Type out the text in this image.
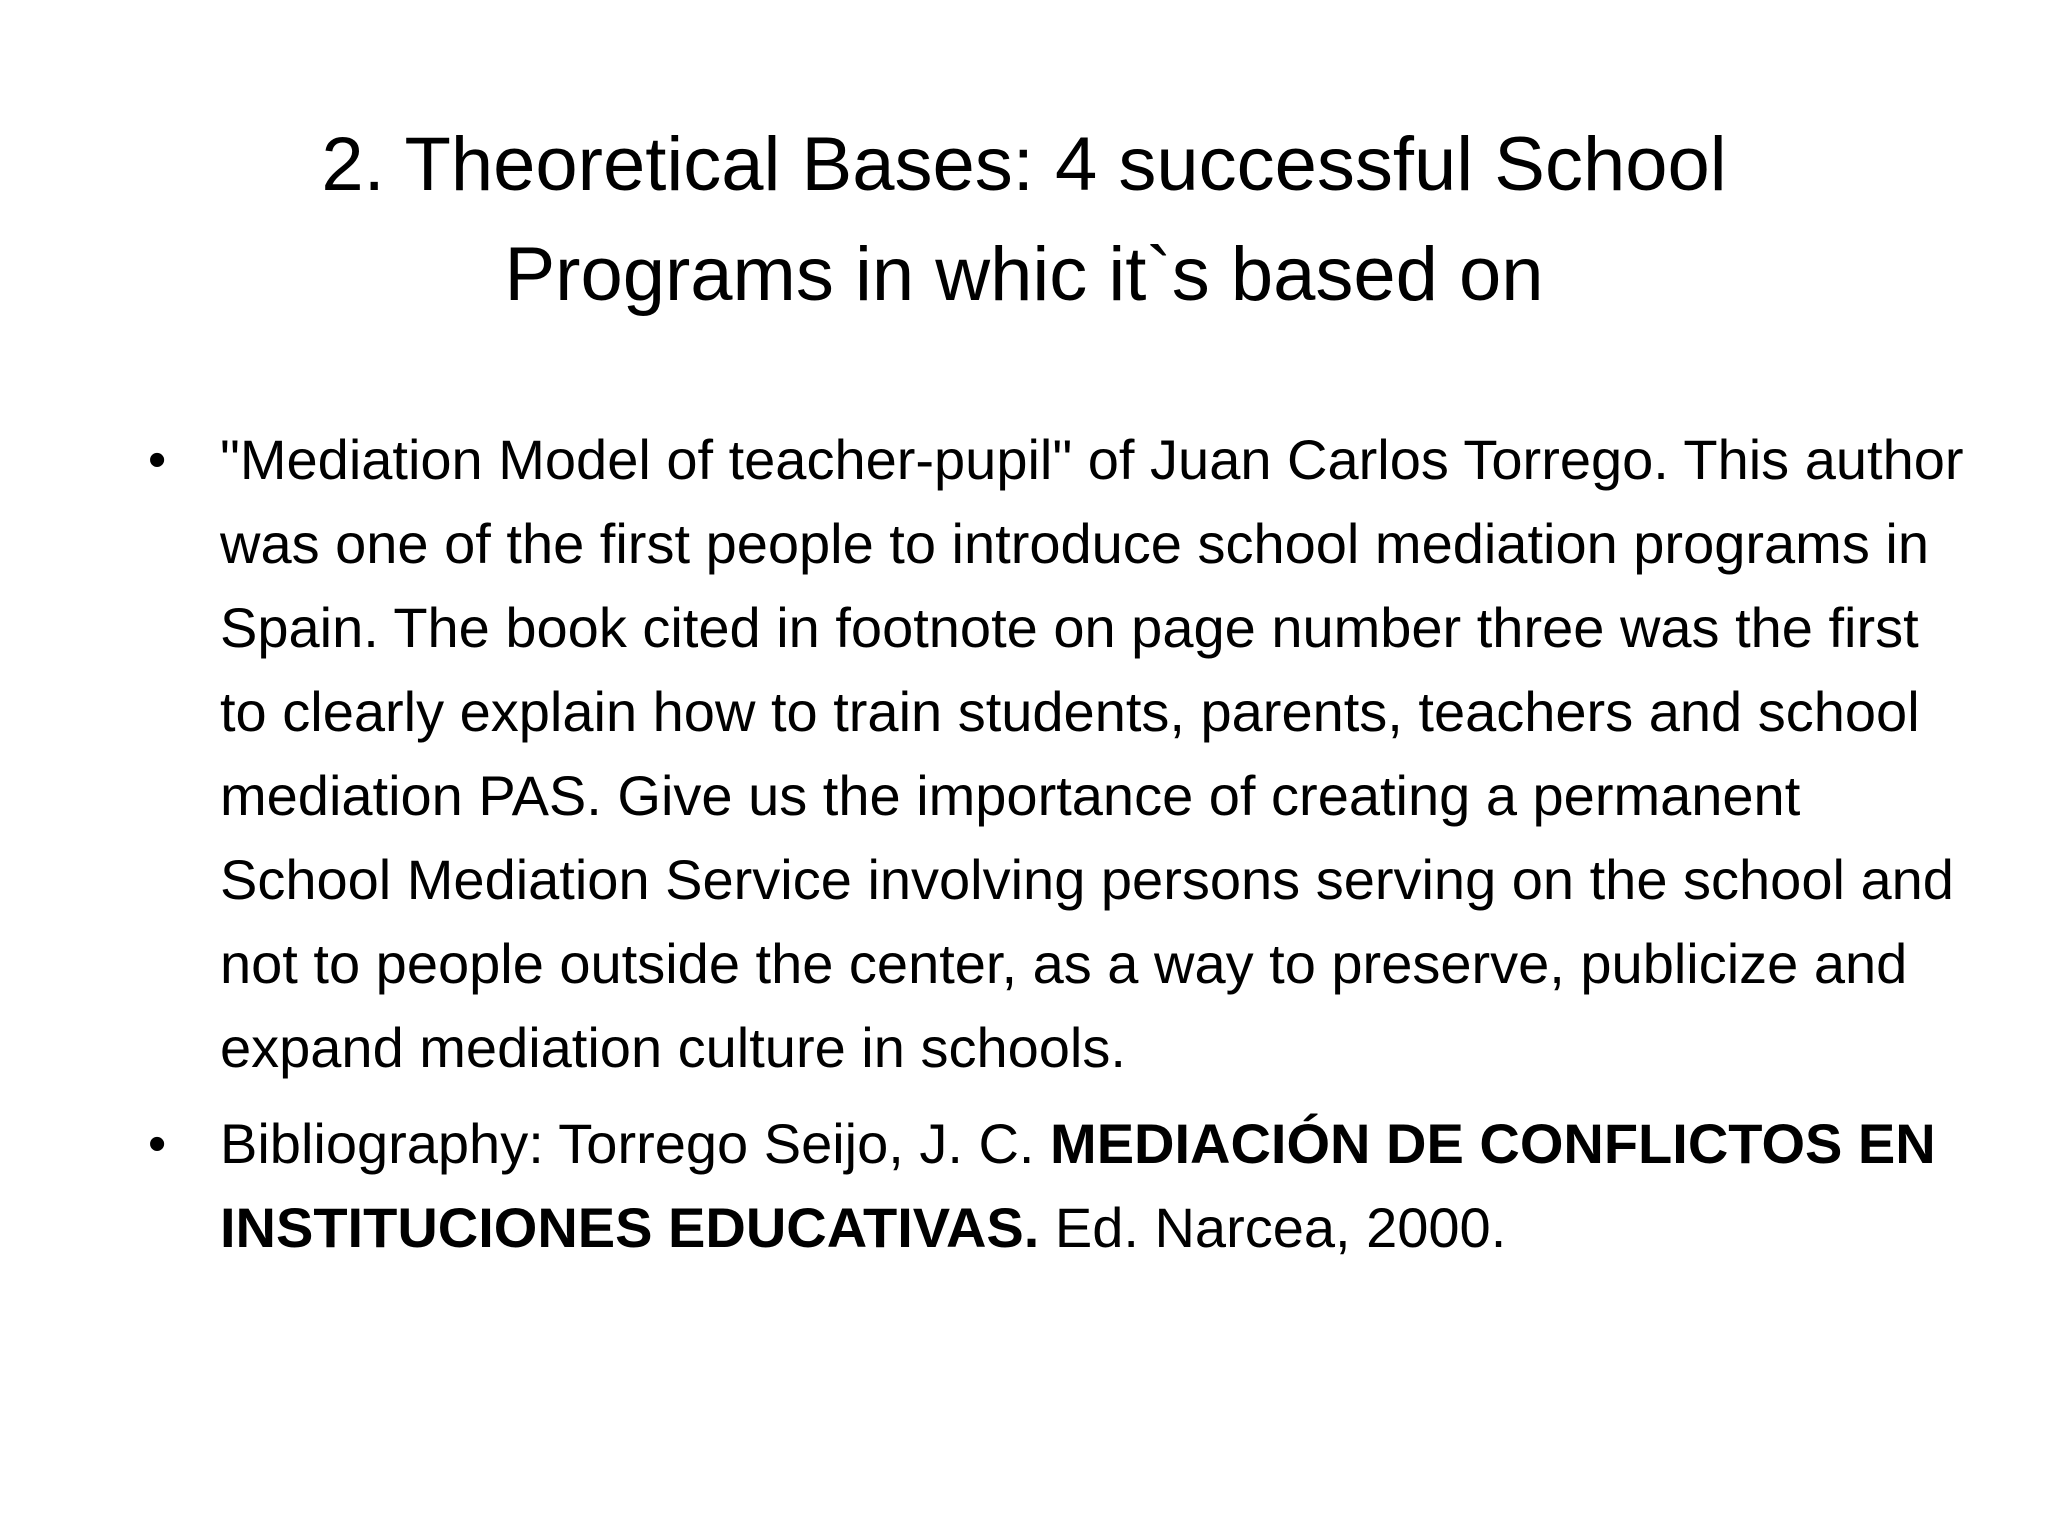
2. Theoretical Bases: 4 successful School Programs in whic it`s based on
• "Mediation Model of teacher-pupil" of Juan Carlos Torrego. This author was one of the first people to introduce school mediation programs in Spain. The book cited in footnote on page number three was the first to clearly explain how to train students, parents, teachers and school mediation PAS. Give us the importance of creating a permanent School Mediation Service involving persons serving on the school and not to people outside the center, as a way to preserve, publicize and expand mediation culture in schools.
• Bibliography: Torrego Seijo, J. C. MEDIACIÓN DE CONFLICTOS EN INSTITUCIONES EDUCATIVAS. Ed. Narcea, 2000.
